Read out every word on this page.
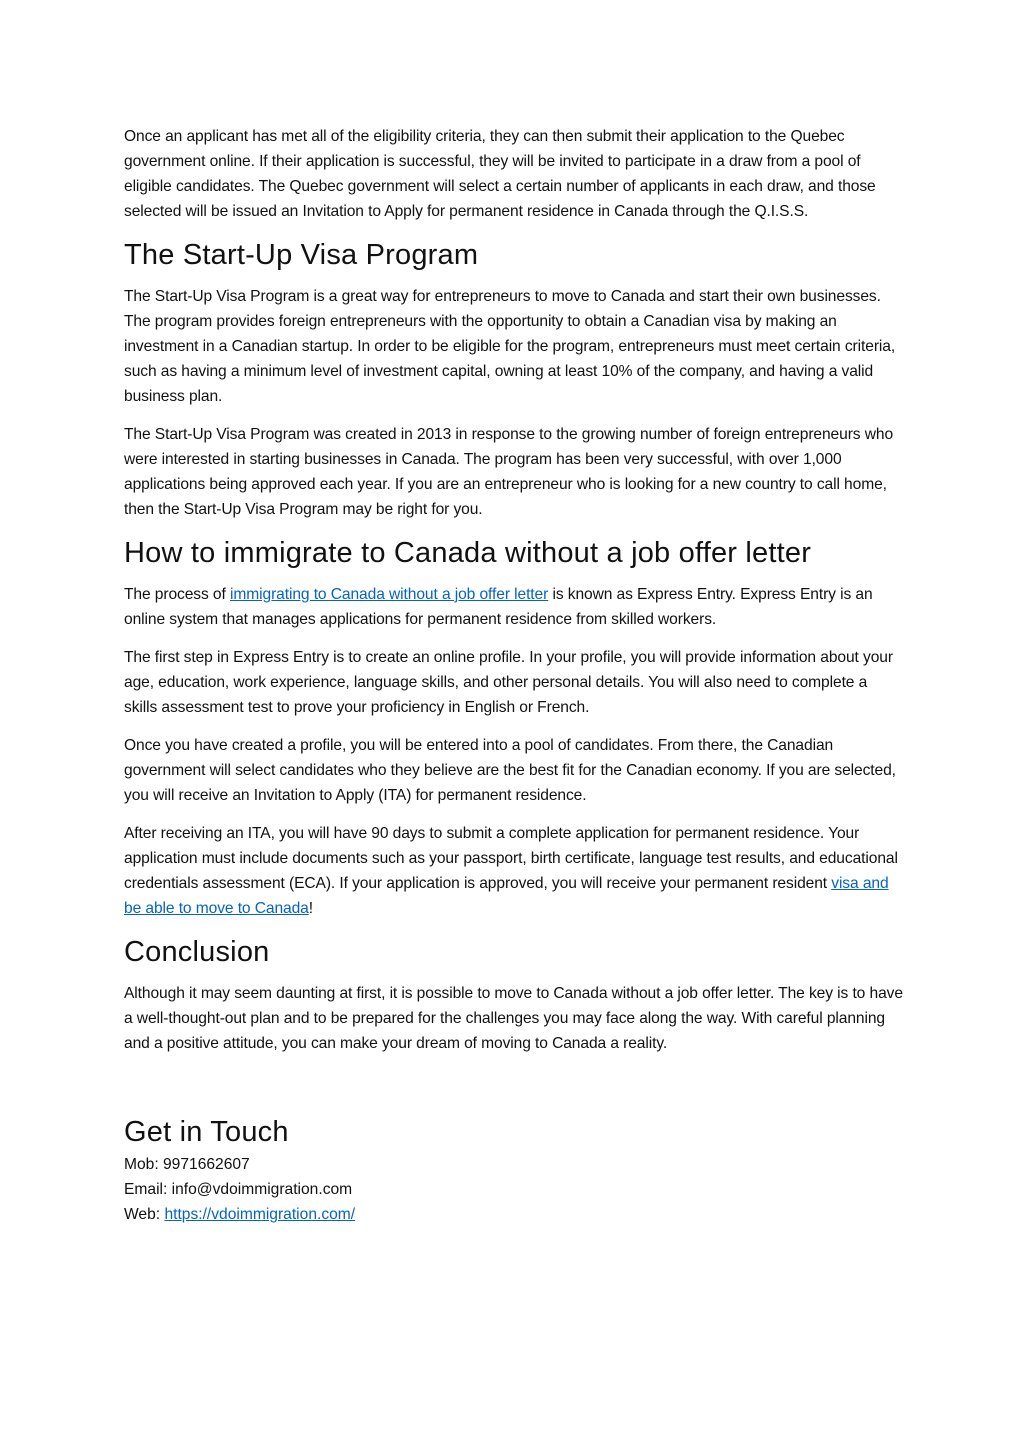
Once an applicant has met all of the eligibility criteria, they can then submit their application to the Quebec government online. If their application is successful, they will be invited to participate in a draw from a pool of eligible candidates. The Quebec government will select a certain number of applicants in each draw, and those selected will be issued an Invitation to Apply for permanent residence in Canada through the Q.I.S.S.

The Start-Up Visa Program

The Start-Up Visa Program is a great way for entrepreneurs to move to Canada and start their own businesses. The program provides foreign entrepreneurs with the opportunity to obtain a Canadian visa by making an investment in a Canadian startup. In order to be eligible for the program, entrepreneurs must meet certain criteria, such as having a minimum level of investment capital, owning at least 10% of the company, and having a valid business plan.

The Start-Up Visa Program was created in 2013 in response to the growing number of foreign entrepreneurs who were interested in starting businesses in Canada. The program has been very successful, with over 1,000 applications being approved each year. If you are an entrepreneur who is looking for a new country to call home, then the Start-Up Visa Program may be right for you.

How to immigrate to Canada without a job offer letter

The process of immigrating to Canada without a job offer letter is known as Express Entry. Express Entry is an online system that manages applications for permanent residence from skilled workers.

The first step in Express Entry is to create an online profile. In your profile, you will provide information about your age, education, work experience, language skills, and other personal details. You will also need to complete a skills assessment test to prove your proficiency in English or French.

Once you have created a profile, you will be entered into a pool of candidates. From there, the Canadian government will select candidates who they believe are the best fit for the Canadian economy. If you are selected, you will receive an Invitation to Apply (ITA) for permanent residence.

After receiving an ITA, you will have 90 days to submit a complete application for permanent residence. Your application must include documents such as your passport, birth certificate, language test results, and educational credentials assessment (ECA). If your application is approved, you will receive your permanent resident visa and be able to move to Canada!

Conclusion

Although it may seem daunting at first, it is possible to move to Canada without a job offer letter. The key is to have a well-thought-out plan and to be prepared for the challenges you may face along the way. With careful planning and a positive attitude, you can make your dream of moving to Canada a reality.

Get in Touch
Mob: 9971662607
Email: info@vdoimmigration.com
Web: https://vdoimmigration.com/
